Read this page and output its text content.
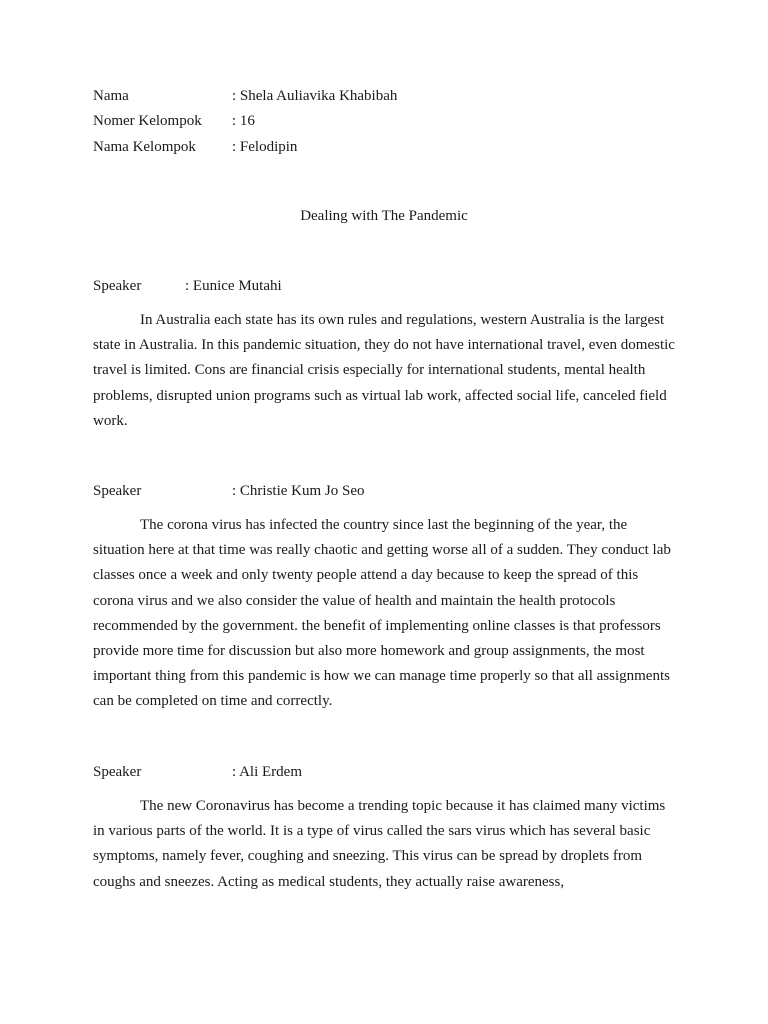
Nama	: Shela Auliavika Khabibah
Nomer Kelompok : 16
Nama Kelompok : Felodipin
Dealing with The Pandemic
Speaker	: Eunice Mutahi

In Australia each state has its own rules and regulations, western Australia is the largest state in Australia. In this pandemic situation, they do not have international travel, even domestic travel is limited. Cons are financial crisis especially for international students, mental health problems, disrupted union programs such as virtual lab work, affected social life, canceled field work.

Speaker	: Christie Kum Jo Seo

The corona virus has infected the country since last the beginning of the year, the situation here at that time was really chaotic and getting worse all of a sudden. They conduct lab classes once a week and only twenty people attend a day because to keep the spread of this corona virus and we also consider the value of health and maintain the health protocols recommended by the government. the benefit of implementing online classes is that professors provide more time for discussion but also more homework and group assignments, the most important thing from this pandemic is how we can manage time properly so that all assignments can be completed on time and correctly.

Speaker	: Ali Erdem

The new Coronavirus has become a trending topic because it has claimed many victims in various parts of the world. It is a type of virus called the sars virus which has several basic symptoms, namely fever, coughing and sneezing. This virus can be spread by droplets from coughs and sneezes. Acting as medical students, they actually raise awareness,
